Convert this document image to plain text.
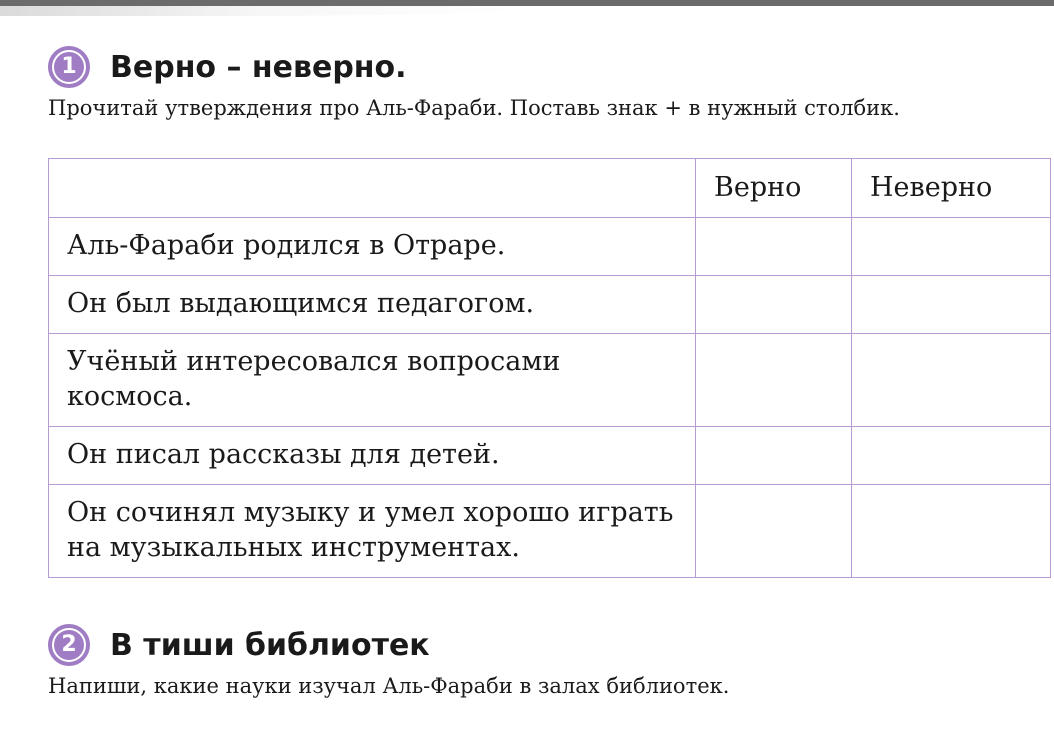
1 Верно – неверно.
Прочитай утверждения про Аль-Фараби. Поставь знак + в нужный столбик.
	Верно	Неверно
Аль-Фараби родился в Отраре.		
Он был выдающимся педагогом.		
Учёный интересовался вопросами космоса.		
Он писал рассказы для детей.		
Он сочинял музыку и умел хорошо играть на музыкальных инструментах.		
2 В тиши библиотек
Напиши, какие науки изучал Аль-Фараби в залах библиотек.
